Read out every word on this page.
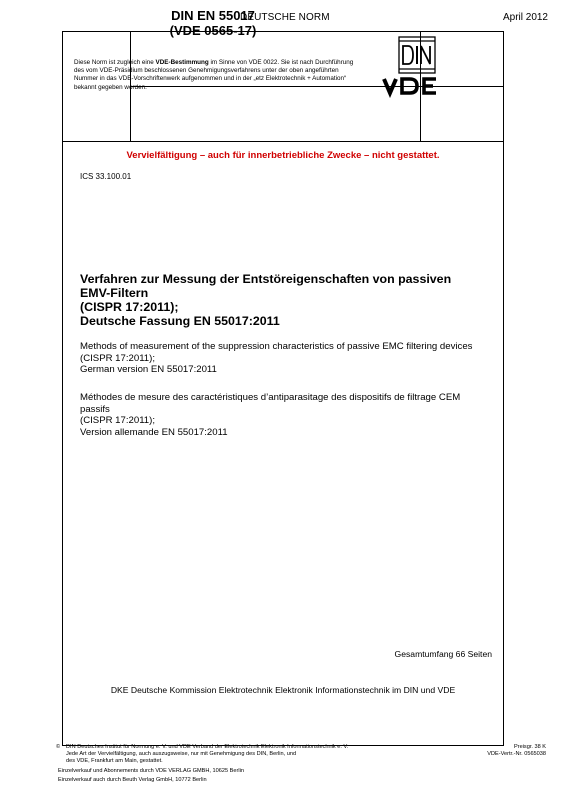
DEUTSCHE NORM	April 2012
DIN EN 55017
(VDE 0565-17)
Diese Norm ist zugleich eine VDE-Bestimmung im Sinne von VDE 0022. Sie ist nach Durchführung des vom VDE-Präsidium beschlossenen Genehmigungsverfahrens unter der oben angeführten Nummer in das VDE-Vorschriftenwerk aufgenommen und in der „etz Elektrotechnik + Automation“ bekannt gegeben worden.
Vervielfältigung – auch für innerbetriebliche Zwecke – nicht gestattet.
ICS 33.100.01
Verfahren zur Messung der Entstöreigenschaften von passiven EMV-Filtern
(CISPR 17:2011);
Deutsche Fassung EN 55017:2011
Methods of measurement of the suppression characteristics of passive EMC filtering devices
(CISPR 17:2011);
German version EN 55017:2011
Méthodes de mesure des caractéristiques d’antiparasitage des dispositifs de filtrage CEM passifs
(CISPR 17:2011);
Version allemande EN 55017:2011
Gesamtumfang 66 Seiten
DKE Deutsche Kommission Elektrotechnik Elektronik Informationstechnik im DIN und VDE
© DIN Deutsches Institut für Normung e. V. und VDE Verband der Elektrotechnik Elektronik Informationstechnik e. V.
Jede Art der Vervielfältigung, auch auszugsweise, nur mit Genehmigung des DIN, Berlin, und
des VDE, Frankfurt am Main, gestattet.
Preisgr. 38 K
VDE-Vertr.-Nr. 0565038
Einzelverkauf und Abonnements durch VDE VERLAG GMBH, 10625 Berlin
Einzelverkauf auch durch Beuth Verlag GmbH, 10772 Berlin
